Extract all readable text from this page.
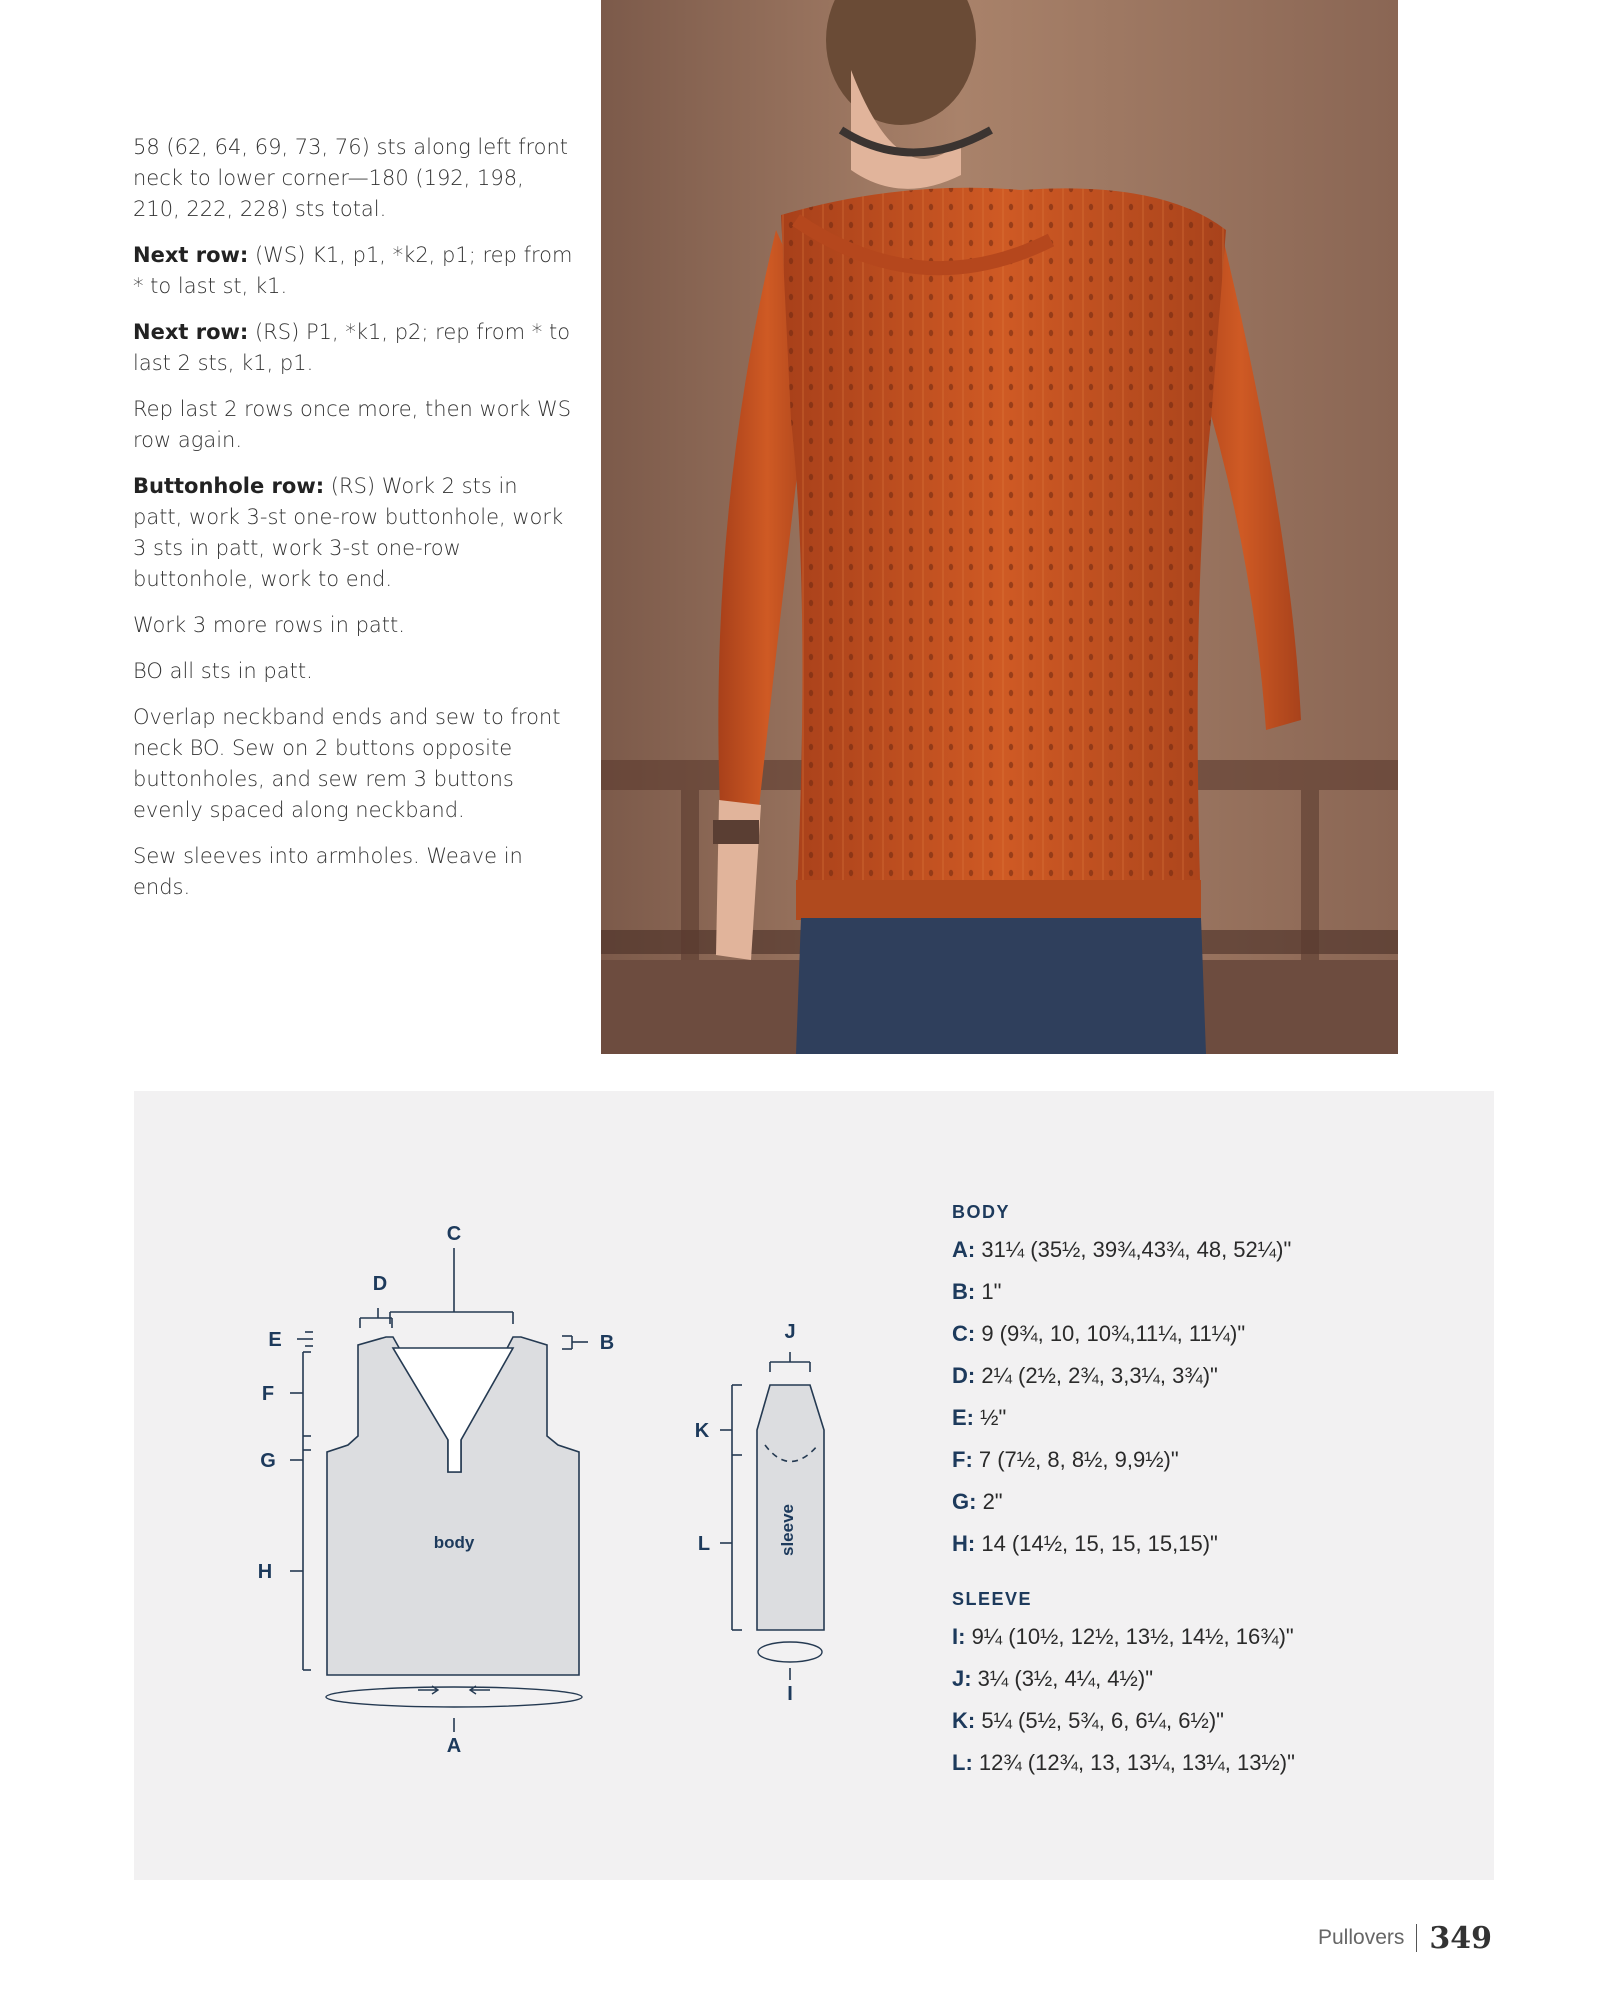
58 (62, 64, 69, 73, 76) sts along left front neck to lower corner—180 (192, 198, 210, 222, 228) sts total.

Next row: (WS) K1, p1, *k2, p1; rep from * to last st, k1.

Next row: (RS) P1, *k1, p2; rep from * to last 2 sts, k1, p1.

Rep last 2 rows once more, then work WS row again.

Buttonhole row: (RS) Work 2 sts in patt, work 3-st one-row buttonhole, work 3 sts in patt, work 3-st one-row buttonhole, work to end.

Work 3 more rows in patt.

BO all sts in patt.

Overlap neckband ends and sew to front neck BO. Sew on 2 buttons opposite buttonholes, and sew rem 3 buttons evenly spaced along neckband.

Sew sleeves into armholes. Weave in ends.

C
D
B
E
F
G
H
A
J
K
L
I
body	sleeve
BODY
A: 31¼ (35½, 39¾,43¾, 48, 52¼)"
B: 1"
C: 9 (9¾, 10, 10¾,11¼, 11¼)"
D: 2¼ (2½, 2¾, 3,3¼, 3¾)"
E: ½"
F: 7 (7½, 8, 8½, 9,9½)"
G: 2"
H: 14 (14½, 15, 15, 15,15)"
SLEEVE
I: 9¼ (10½, 12½, 13½, 14½, 16¾)"
J: 3¼ (3½, 4¼, 4½)"
K: 5¼ (5½, 5¾, 6, 6¼, 6½)"
L: 12¾ (12¾, 13, 13¼, 13¼, 13½)"
Pullovers 349
